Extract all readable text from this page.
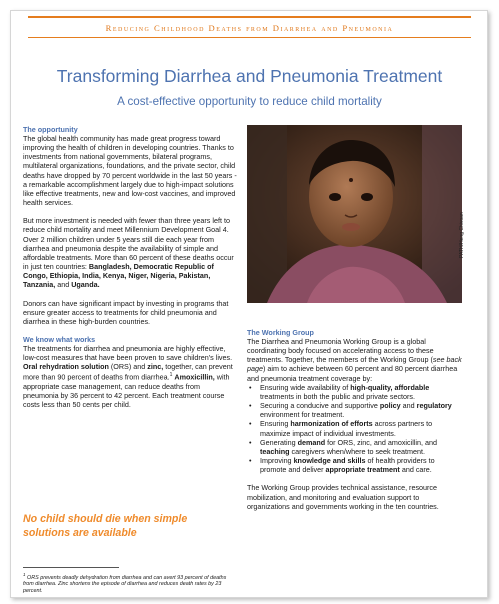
Reducing Childhood Deaths from Diarrhea and Pneumonia
Transforming Diarrhea and Pneumonia Treatment
A cost-effective opportunity to reduce child mortality
The opportunity
The global health community has made great progress toward improving the health of children in developing countries. Thanks to investments from national governments, bilateral programs, multilateral organizations, foundations, and the private sector, child deaths have dropped by 70 percent worldwide in the last 50 years - a remarkable accomplishment largely due to high-impact solutions like effective treatments, new and low-cost vaccines, and improved health services.
But more investment is needed with fewer than three years left to reduce child mortality and meet Millennium Development Goal 4. Over 2 million children under 5 years still die each year from diarrhea and pneumonia despite the availability of simple and affordable treatments. More than 60 percent of these deaths occur in just ten countries: Bangladesh, Democratic Republic of Congo, Ethiopia, India, Kenya, Niger, Nigeria, Pakistan, Tanzania, and Uganda.
Donors can have significant impact by investing in programs that ensure greater access to treatments for child pneumonia and diarrhea in these high-burden countries.
We know what works
The treatments for diarrhea and pneumonia are highly effective, low-cost measures that have been proven to save children's lives. Oral rehydration solution (ORS) and zinc, together, can prevent more than 90 percent of deaths from diarrhea.$^1$ Amoxicillin, with appropriate case management, can reduce deaths from pneumonia by 36 percent to 42 percent. Each treatment course costs less than 50 cents per child.
No child should die when simple solutions are available
$^1$ ORS prevents deadly dehydration from diarrhea and can avert 93 percent of deaths from diarrhea. Zinc shortens the episode of diarrhea and reduces death rates by 23 percent.
PATH/Heng Chivoan
The Working Group
The Diarrhea and Pneumonia Working Group is a global coordinating body focused on accelerating access to these treatments. Together, the members of the Working Group (see back page) aim to achieve between 60 percent and 80 percent diarrhea and pneumonia treatment coverage by:
• Ensuring wide availability of high-quality, affordable treatments in both the public and private sectors.
• Securing a conducive and supportive policy and regulatory environment for treatment.
• Ensuring harmonization of efforts across partners to maximize impact of individual investments.
• Generating demand for ORS, zinc, and amoxicillin, and teaching caregivers when/where to seek treatment.
• Improving knowledge and skills of health providers to promote and deliver appropriate treatment and care.
The Working Group provides technical assistance, resource mobilization, and monitoring and evaluation support to organizations and governments working in the ten countries.
